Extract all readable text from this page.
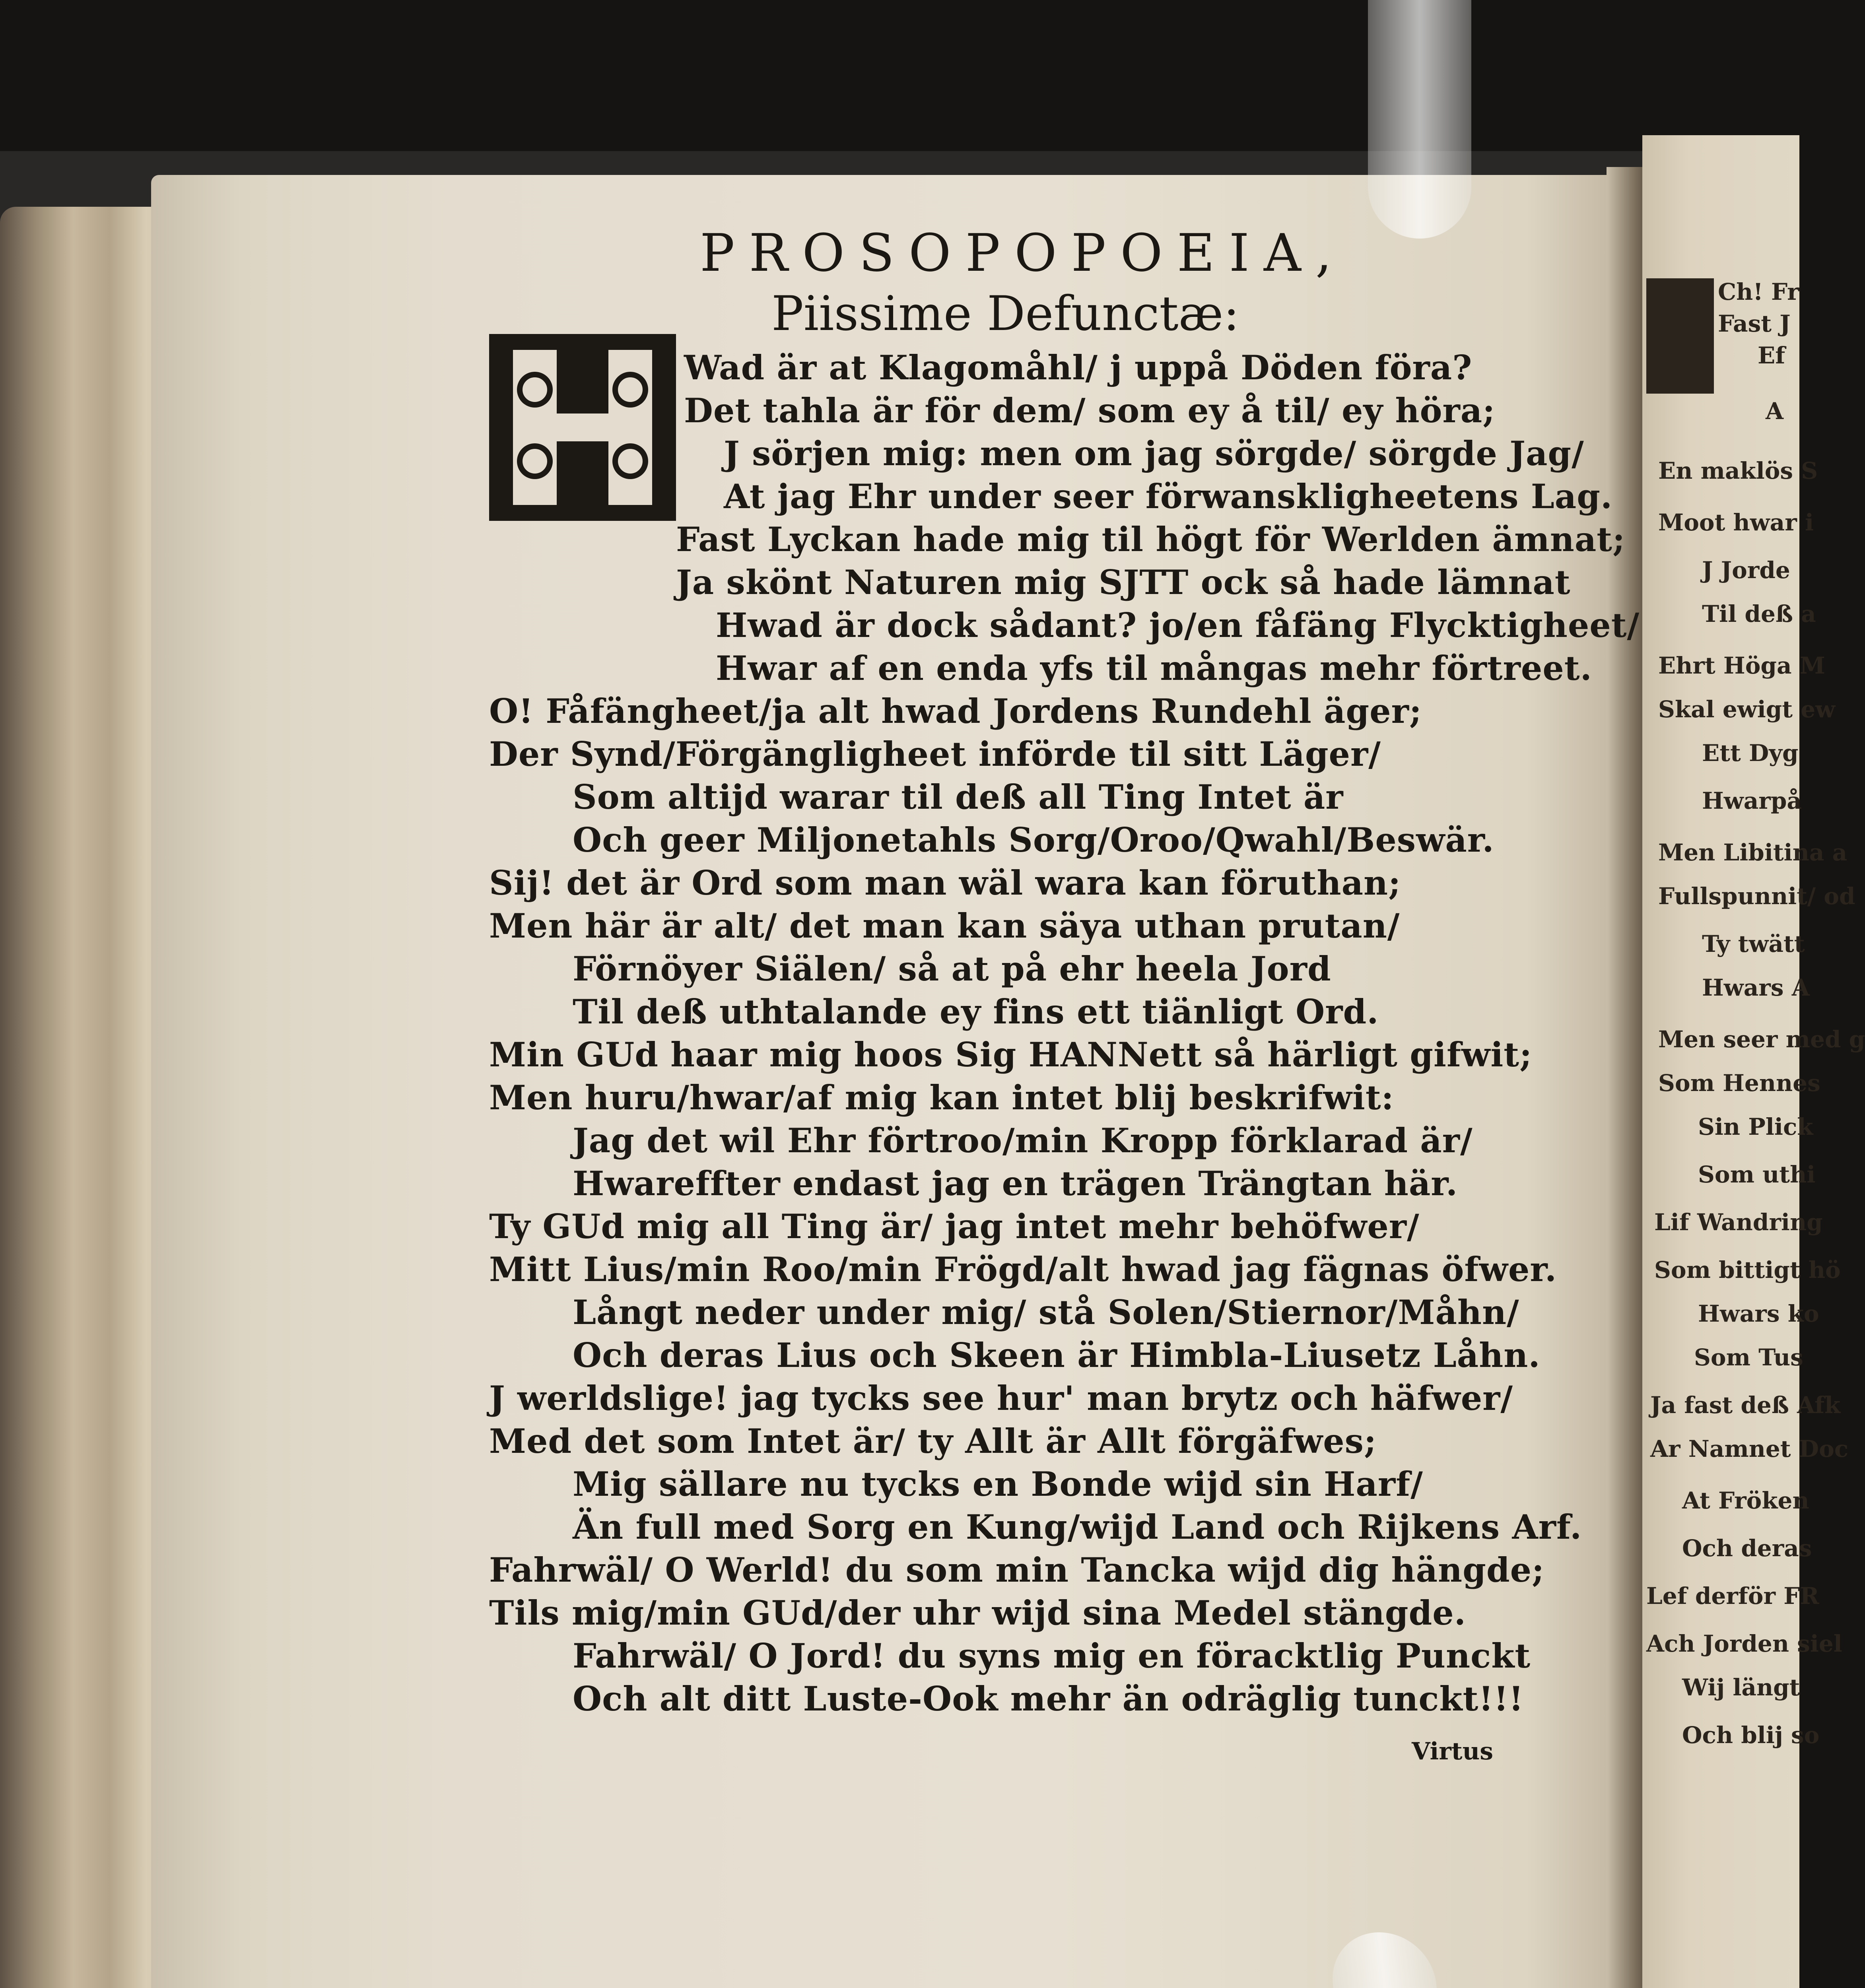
PROSOPOPOEIA,
Piissime Defunctæ:
Wad är at Klagomåhl/ j uppå Döden föra?
Det tahla är för dem/ som ey å til/ ey höra;
J sörjen mig: men om jag sörgde/ sörgde Jag/
At jag Ehr under seer förwanskligheetens Lag.
Fast Lyckan hade mig til högt för Werlden ämnat;
Ja skönt Naturen mig SJTT ock så hade lämnat
Hwad är dock sådant? jo/en fåfäng Flycktigheet/
Hwar af en enda yfs til mångas mehr förtreet.
O! Fåfängheet/ja alt hwad Jordens Rundehl äger;
Der Synd/Förgängligheet införde til sitt Läger/
Som altijd warar til deß all Ting Intet är
Och geer Miljonetahls Sorg/Oroo/Qwahl/Beswär.
Sij! det är Ord som man wäl wara kan föruthan;
Men här är alt/ det man kan säya uthan prutan/
Förnöyer Siälen/ så at på ehr heela Jord
Til deß uthtalande ey fins ett tiänligt Ord.
Min GUd haar mig hoos Sig HANNett så härligt gifwit;
Men huru/hwar/af mig kan intet blij beskrifwit:
Jag det wil Ehr förtroo/min Kropp förklarad är/
Hwareffter endast jag en trägen Trängtan här.
Ty GUd mig all Ting är/ jag intet mehr behöfwer/
Mitt Lius/min Roo/min Frögd/alt hwad jag fägnas öfwer.
Långt neder under mig/ stå Solen/Stiernor/Måhn/
Och deras Lius och Skeen är Himbla-Liusetz Låhn.
J werldslige! jag tycks see hur' man brytz och häfwer/
Med det som Intet är/ ty Allt är Allt förgäfwes;
Mig sällare nu tycks en Bonde wijd sin Harf/
Än full med Sorg en Kung/wijd Land och Rijkens Arf.
Fahrwäl/ O Werld! du som min Tancka wijd dig hängde;
Tils mig/min GUd/der uhr wijd sina Medel stängde.
Fahrwäl/ O Jord! du syns mig en föracktlig Punckt
Och alt ditt Luste-Ook mehr än odräglig tunckt!!!
Virtus
Ch! Fr
Fast J
Ef
A
En maklös S
Moot hwar i
J Jorde
Til deß a
Ehrt Höga M
Skal ewigt ew
Ett Dyg
Hwarpå
Men Libitina a
Fullspunnit/ od
Ty twätt
Hwars A
Men seer med g
Som Hennes
Sin Plick
Som uthi
Lif Wandring
Som bittigt hö
Hwars ko
Som Tus
Ja fast deß Afk
Ar Namnet Doc
At Fröken
Och deras
Lef derför FR
Ach Jorden siel
Wij längt
Och blij so
